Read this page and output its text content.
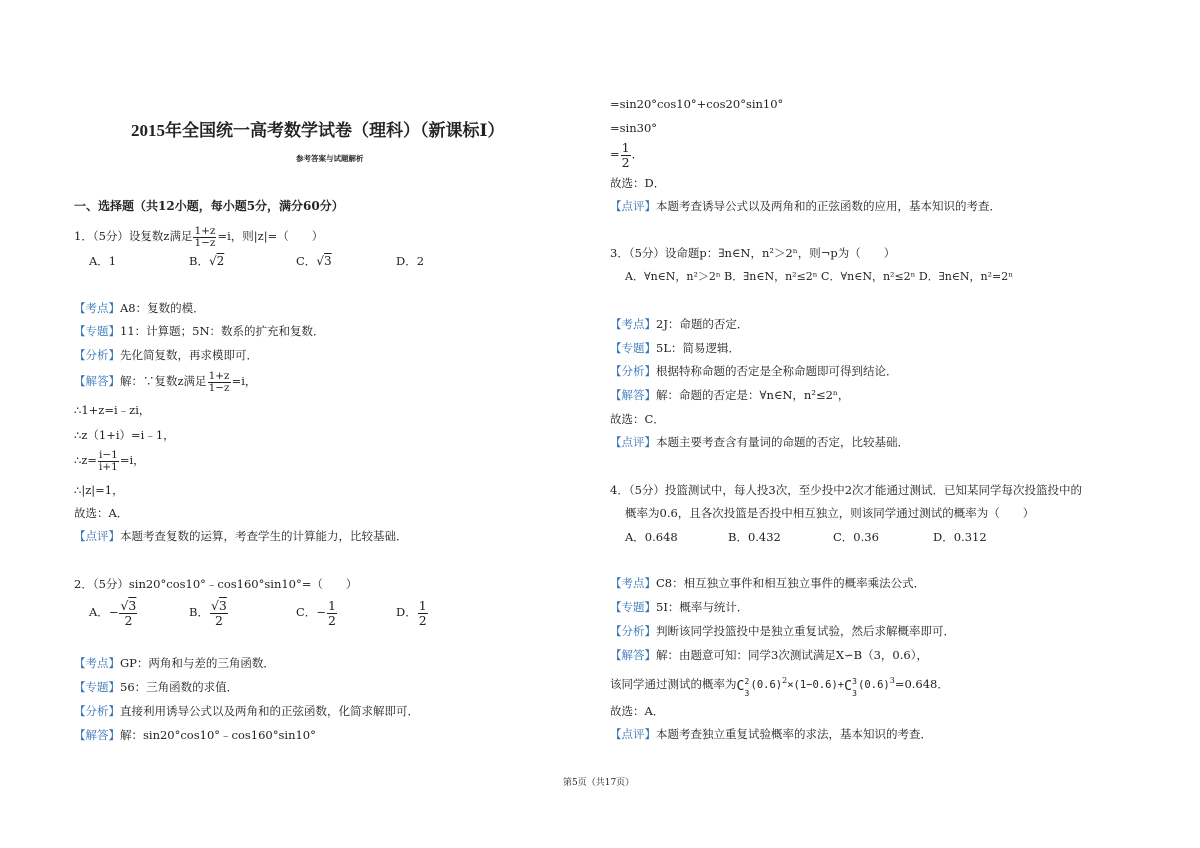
2015年全国统一高考数学试卷（理科）（新课标Ⅰ）
参考答案与试题解析
一、选择题（共12小题，每小题5分，满分60分）
1．（5分）设复数z满足 $\frac{1+z}{1-z} =i$，则|z|=（　　）
A．1	B．√2	C．√3	D．2
【考点】A8：复数的模．
【专题】11：计算题；5N：数系的扩充和复数．
【分析】先化简复数，再求模即可．
【解答】解：∵复数z满足 $\frac{1+z}{1-z} =i$，
∴1+z=i﹣zi，
∴z（1+i）=i﹣1，
∴z= $\frac{i-1}{i+1} =i$，
∴|z|=1，
故选：A．
【点评】本题考查复数的运算，考查学生的计算能力，比较基础．
2．（5分）sin20°cos10°﹣cos160°sin10°=（　　）
A．− $\frac{√3}{2}$	B． $\frac{√3}{2}$	C．− $\frac{1}{2}$	D． $\frac{1}{2}$
【考点】GP：两角和与差的三角函数．
【专题】56：三角函数的求值．
【分析】直接利用诱导公式以及两角和的正弦函数，化简求解即可．
【解答】解：sin20°cos10°﹣cos160°sin10°
=sin20°cos10°+cos20°sin10°
=sin30°
= $\frac{1}{2}$ ．
故选：D．
【点评】本题考查诱导公式以及两角和的正弦函数的应用，基本知识的考查．
3．（5分）设命题p：∃n∈N，n²＞2ⁿ，则¬p为（　　）
A．∀n∈N，n²＞2ⁿ B．∃n∈N，n²≤2ⁿ C．∀n∈N，n²≤2ⁿ D．∃n∈N，n²=2ⁿ
【考点】2J：命题的否定．
【专题】5L：简易逻辑．
【分析】根据特称命题的否定是全称命题即可得到结论．
【解答】解：命题的否定是：∀n∈N，n²≤2ⁿ，
故选：C．
【点评】本题主要考查含有量词的命题的否定，比较基础．
4．（5分）投篮测试中，每人投3次，至少投中2次才能通过测试．已知某同学每次投篮投中的
概率为0.6，且各次投篮是否投中相互独立，则该同学通过测试的概率为（　　）
A．0.648	B．0.432	C．0.36	D．0.312
【考点】C8：相互独立事件和相互独立事件的概率乘法公式．
【专题】5I：概率与统计．
【分析】判断该同学投篮投中是独立重复试验，然后求解概率即可．
【解答】解：由题意可知：同学3次测试满足X∽B（3，0.6），
该同学通过测试的概率为 C 2
3
$(0.6)^2\times(1-0.6)+ C$ 3
3
$(0.6)^3=0.648$．
故选：A．
【点评】本题考查独立重复试验概率的求法，基本知识的考查．
第5页（共17页）
